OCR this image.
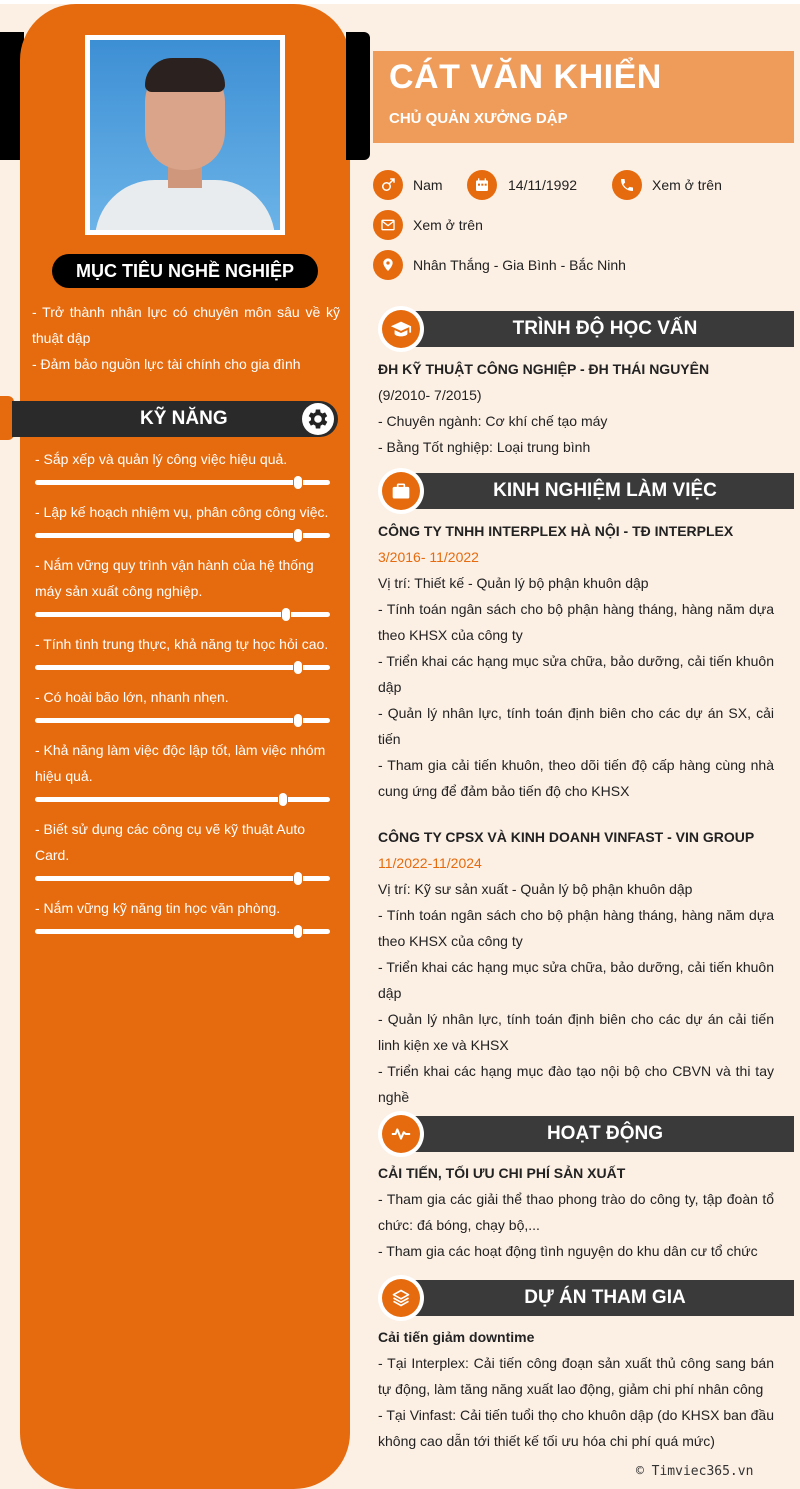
MỤC TIÊU NGHỀ NGHIỆP
- Trở thành nhân lực có chuyên môn sâu về kỹ thuật dập
- Đảm bảo nguồn lực tài chính cho gia đình
KỸ NĂNG
- Sắp xếp và quản lý công việc hiệu quả.
- Lập kế hoạch nhiệm vụ, phân công công việc.
- Nắm vững quy trình vận hành của hệ thống máy sản xuất công nghiệp.
- Tính tình trung thực, khả năng tự học hỏi cao.
- Có hoài bão lớn, nhanh nhẹn.
- Khả năng làm việc độc lập tốt, làm việc nhóm hiệu quả.
- Biết sử dụng các công cụ vẽ kỹ thuật Auto Card.
- Nắm vững kỹ năng tin học văn phòng.
CÁT VĂN KHIỂN
CHỦ QUẢN XƯỞNG DẬP
Nam	14/11/1992	Xem ở trên
Xem ở trên
Nhân Thắng - Gia Bình - Bắc Ninh
TRÌNH ĐỘ HỌC VẤN
ĐH KỸ THUẬT CÔNG NGHIỆP - ĐH THÁI NGUYÊN
(9/2010- 7/2015)
- Chuyên ngành: Cơ khí chế tạo máy
- Bằng Tốt nghiệp: Loại trung bình
KINH NGHIỆM LÀM VIỆC
CÔNG TY TNHH INTERPLEX HÀ NỘI - TĐ INTERPLEX
3/2016- 11/2022
Vị trí: Thiết kế - Quản lý bộ phận khuôn dập
- Tính toán ngân sách cho bộ phận hàng tháng, hàng năm dựa theo KHSX của công ty
- Triển khai các hạng mục sửa chữa, bảo dưỡng, cải tiến khuôn dập
- Quản lý nhân lực, tính toán định biên cho các dự án SX, cải tiến
- Tham gia cải tiến khuôn, theo dõi tiến độ cấp hàng cùng nhà cung ứng để đảm bảo tiến độ cho KHSX
CÔNG TY CPSX VÀ KINH DOANH VINFAST - VIN GROUP
11/2022-11/2024
Vị trí: Kỹ sư sản xuất - Quản lý bộ phận khuôn dập
- Tính toán ngân sách cho bộ phận hàng tháng, hàng năm dựa theo KHSX của công ty
- Triển khai các hạng mục sửa chữa, bảo dưỡng, cải tiến khuôn dập
- Quản lý nhân lực, tính toán định biên cho các dự án cải tiến linh kiện xe và KHSX
- Triển khai các hạng mục đào tạo nội bộ cho CBVN và thi tay nghề
HOẠT ĐỘNG
CẢI TIẾN, TỐI ƯU CHI PHÍ SẢN XUẤT
- Tham gia các giải thể thao phong trào do công ty, tập đoàn tổ chức: đá bóng, chạy bộ,...
- Tham gia các hoạt động tình nguyện do khu dân cư tổ chức
DỰ ÁN THAM GIA
Cải tiến giảm downtime
- Tại Interplex: Cải tiến công đoạn sản xuất thủ công sang bán tự động, làm tăng năng xuất lao động, giảm chi phí nhân công
- Tại Vinfast: Cải tiến tuổi thọ cho khuôn dập (do KHSX ban đầu không cao dẫn tới thiết kế tối ưu hóa chi phí quá mức)
© Timviec365.vn
